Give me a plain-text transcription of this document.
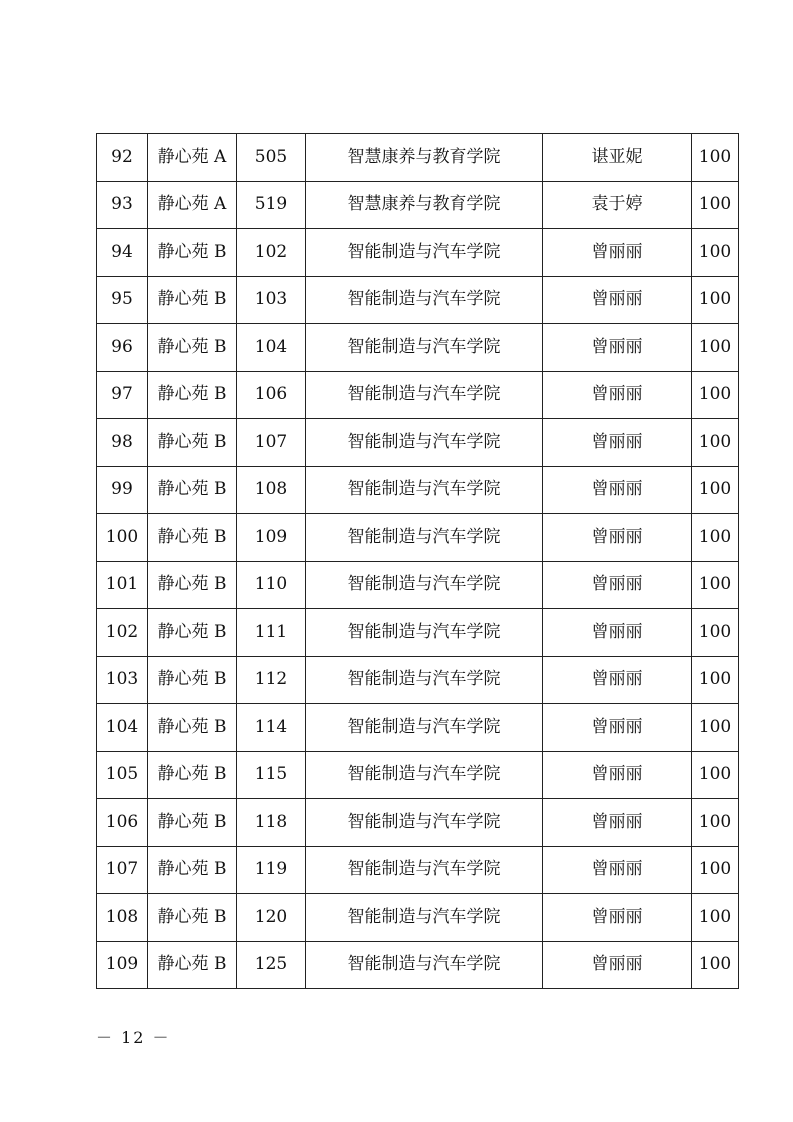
92	静心苑 A	505	智慧康养与教育学院	谌亚妮	100
93	静心苑 A	519	智慧康养与教育学院	袁于婷	100
94	静心苑 B	102	智能制造与汽车学院	曾丽丽	100
95	静心苑 B	103	智能制造与汽车学院	曾丽丽	100
96	静心苑 B	104	智能制造与汽车学院	曾丽丽	100
97	静心苑 B	106	智能制造与汽车学院	曾丽丽	100
98	静心苑 B	107	智能制造与汽车学院	曾丽丽	100
99	静心苑 B	108	智能制造与汽车学院	曾丽丽	100
100	静心苑 B	109	智能制造与汽车学院	曾丽丽	100
101	静心苑 B	110	智能制造与汽车学院	曾丽丽	100
102	静心苑 B	111	智能制造与汽车学院	曾丽丽	100
103	静心苑 B	112	智能制造与汽车学院	曾丽丽	100
104	静心苑 B	114	智能制造与汽车学院	曾丽丽	100
105	静心苑 B	115	智能制造与汽车学院	曾丽丽	100
106	静心苑 B	118	智能制造与汽车学院	曾丽丽	100
107	静心苑 B	119	智能制造与汽车学院	曾丽丽	100
108	静心苑 B	120	智能制造与汽车学院	曾丽丽	100
109	静心苑 B	125	智能制造与汽车学院	曾丽丽	100
－ 12 －
